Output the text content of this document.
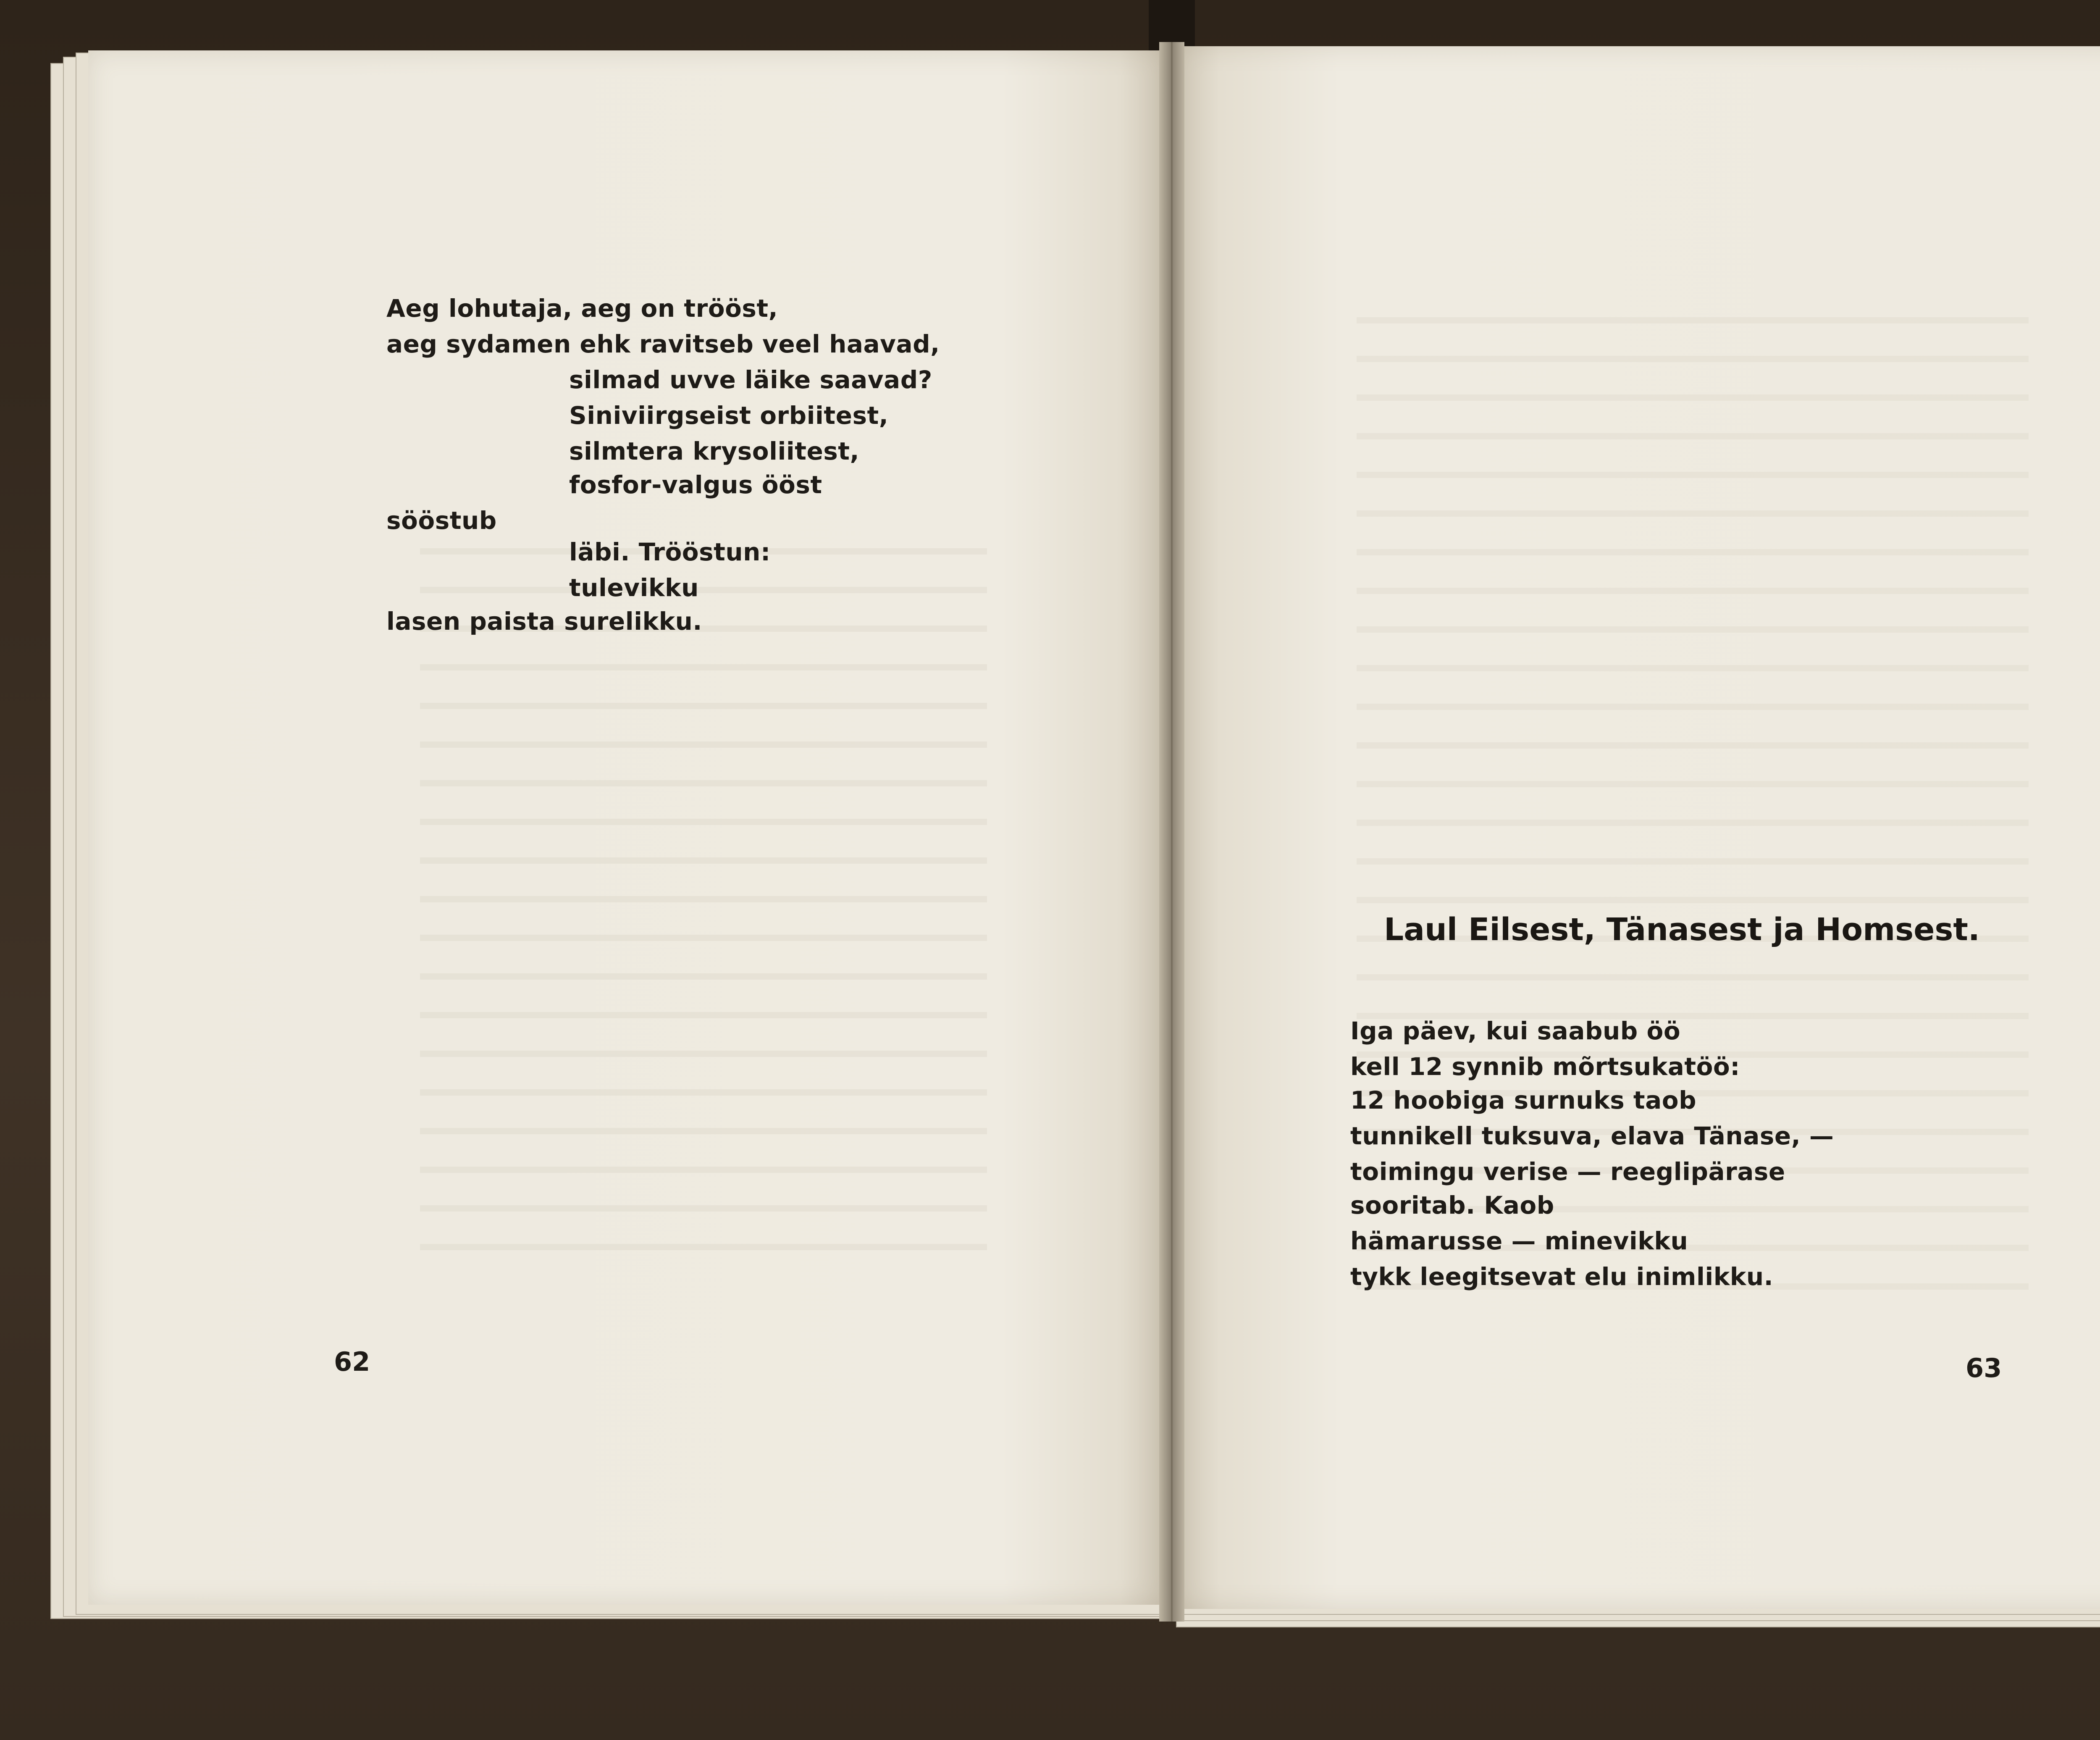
Aeg lohutaja, aeg on trööst,
aeg sydamen ehk ravitseb veel haavad,
silmad uvve läike saavad?
Siniviirgseist orbiitest,
silmtera krysoliitest,
fosfor-valgus ööst
sööstub
läbi. Trööstun:
tulevikku
lasen paista surelikku.
62
Laul Eilsest, Tänasest ja Homsest.
Iga päev, kui saabub öö
kell 12 synnib mõrtsukatöö:
12 hoobiga surnuks taob
tunnikell tuksuva, elava Tänase, —
toimingu verise — reeglipärase
sooritab. Kaob
hämarusse — minevikku
tykk leegitsevat elu inimlikku.
63
